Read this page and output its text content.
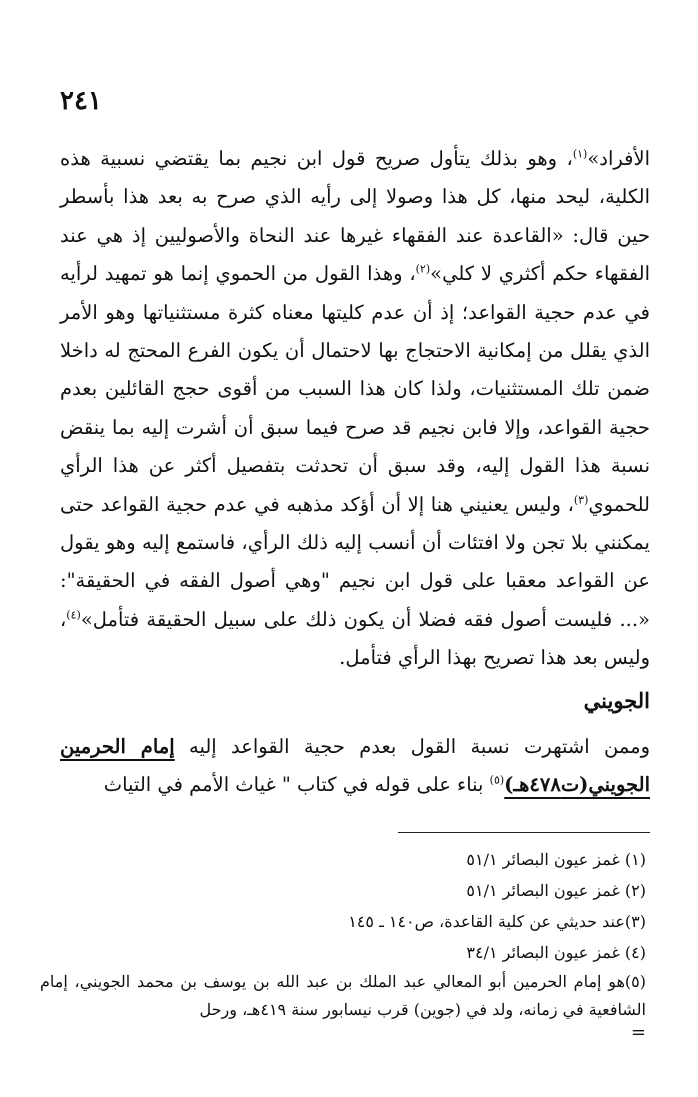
٢٤١

الأفراد»$^{(١)}$، وهو بذلك يتأول صريح قول ابن نجيم بما يقتضي نسبية هذه الكلية، ليحد منها، كل هذا وصولا إلى رأيه الذي صرح به بعد هذا بأسطر حين قال: «القاعدة عند الفقهاء غيرها عند النحاة والأصوليين إذ هي عند الفقهاء حكم أكثري لا كلي»$^{(٢)}$، وهذا القول من الحموي إنما هو تمهيد لرأيه في عدم حجية القواعد؛ إذ أن عدم كليتها معناه كثرة مستثنياتها وهو الأمر الذي يقلل من إمكانية الاحتجاج بها لاحتمال أن يكون الفرع المحتج له داخلا ضمن تلك المستثنيات، ولذا كان هذا السبب من أقوى حجج القائلين بعدم حجية القواعد، وإلا فابن نجيم قد صرح فيما سبق أن أشرت إليه بما ينقض نسبة هذا القول إليه، وقد سبق أن تحدثت بتفصيل أكثر عن هذا الرأي للحموي$^{(٣)}$، وليس يعنيني هنا إلا أن أؤكد مذهبه في عدم حجية القواعد حتى يمكنني بلا تجن ولا افتئات أن أنسب إليه ذلك الرأي، فاستمع إليه وهو يقول عن القواعد معقبا على قول ابن نجيم "وهي أصول الفقه في الحقيقة": «... فليست أصول فقه فضلا أن يكون ذلك على سبيل الحقيقة فتأمل»$^{(٤)}$، وليس بعد هذا تصريح بهذا الرأي فتأمل.

الجويني

وممن اشتهرت نسبة القول بعدم حجية القواعد إليه إمام الحرمين الجويني(ت٤٧٨هـ)$^{(٥)}$ بناء على قوله في كتاب " غياث الأمم في التياث

(١) غمز عيون البصائر ٥١/١
(٢) غمز عيون البصائر ٥١/١
(٣)عند حديثي عن كلية القاعدة، ص١٤٠ ـ ١٤٥
(٤) غمز عيون البصائر ٣٤/١
(٥)هو إمام الحرمين أبو المعالي عبد الملك بن عبد الله بن يوسف بن محمد الجويني، إمام الشافعية في زمانه، ولد في (جوين) قرب نيسابور سنة ٤١٩هـ، ورحل
=
